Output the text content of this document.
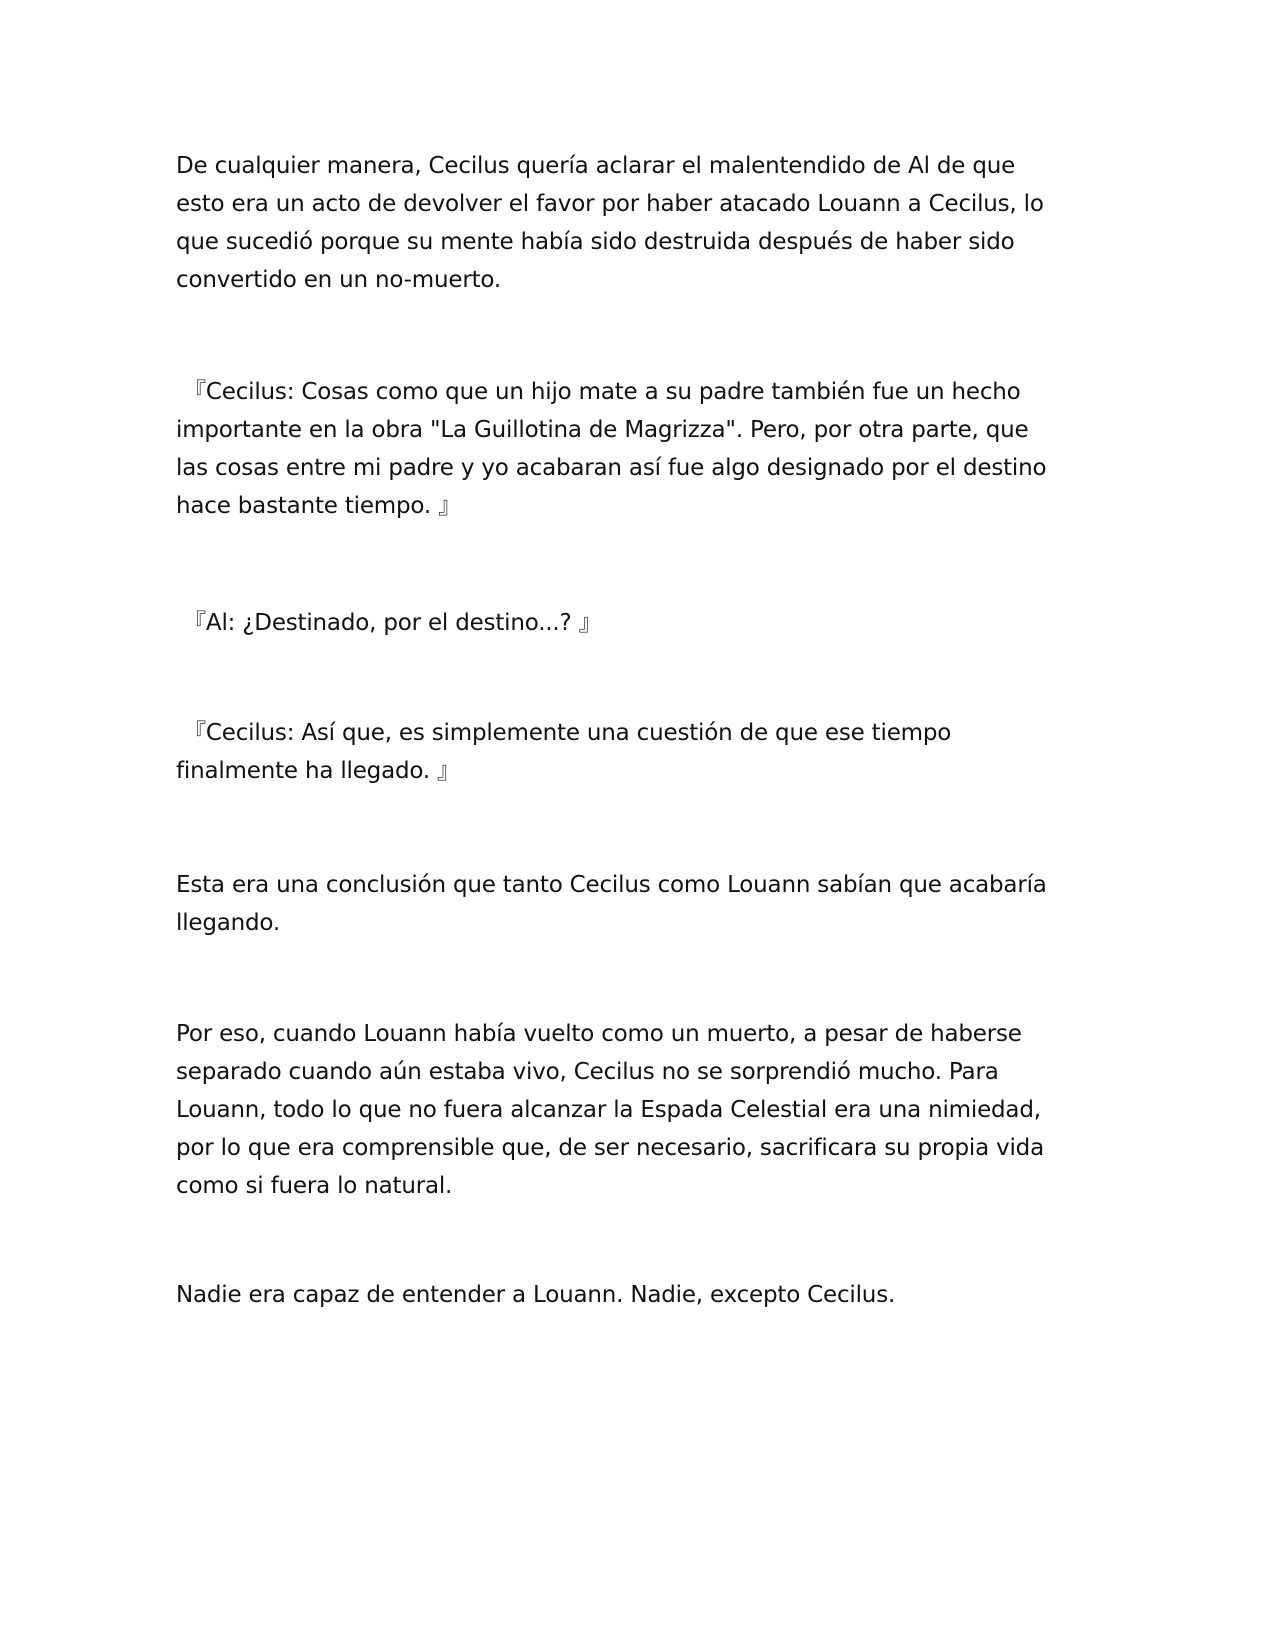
De cualquier manera, Cecilus quería aclarar el malentendido de Al de que
esto era un acto de devolver el favor por haber atacado Louann a Cecilus, lo
que sucedió porque su mente había sido destruida después de haber sido
convertido en un no-muerto.

『Cecilus: Cosas como que un hijo mate a su padre también fue un hecho
importante en la obra "La Guillotina de Magrizza". Pero, por otra parte, que
las cosas entre mi padre y yo acabaran así fue algo designado por el destino
hace bastante tiempo. 』

『Al: ¿Destinado, por el destino...? 』

『Cecilus: Así que, es simplemente una cuestión de que ese tiempo
finalmente ha llegado. 』

Esta era una conclusión que tanto Cecilus como Louann sabían que acabaría
llegando.

Por eso, cuando Louann había vuelto como un muerto, a pesar de haberse
separado cuando aún estaba vivo, Cecilus no se sorprendió mucho. Para
Louann, todo lo que no fuera alcanzar la Espada Celestial era una nimiedad,
por lo que era comprensible que, de ser necesario, sacrificara su propia vida
como si fuera lo natural.

Nadie era capaz de entender a Louann. Nadie, excepto Cecilus.
